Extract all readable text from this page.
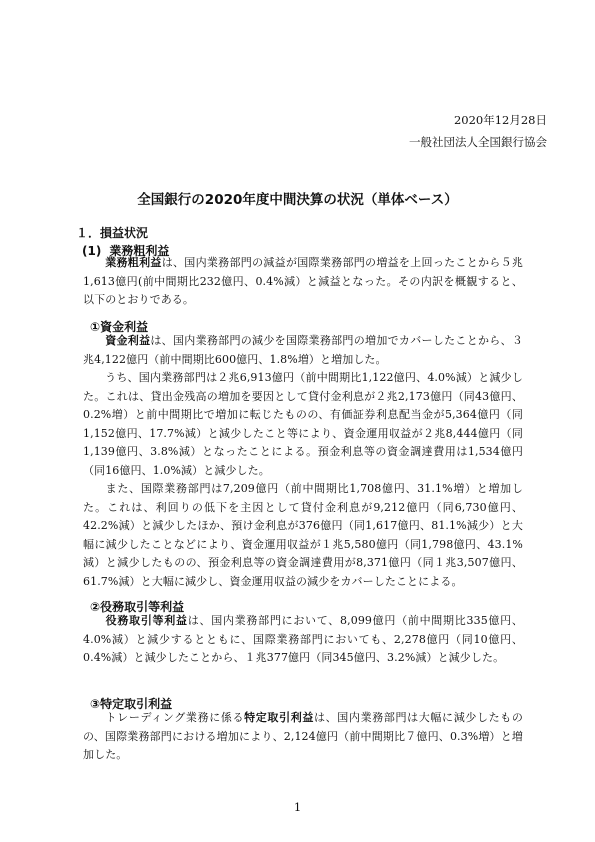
2020年12月28日
一般社団法人全国銀行協会
全国銀行の2020年度中間決算の状況（単体ベース）
１．損益状況
(1) 業務粗利益
業務粗利益は、国内業務部門の減益が国際業務部門の増益を上回ったことから５兆1,613億円(前中間期比232億円、0.4%減）と減益となった。その内訳を概観すると、以下のとおりである。
①資金利益
資金利益は、国内業務部門の減少を国際業務部門の増加でカバーしたことから、３兆4,122億円（前中間期比600億円、1.8%増）と増加した。
うち、国内業務部門は２兆6,913億円（前中間期比1,122億円、4.0%減）と減少した。これは、貸出金残高の増加を要因として貸付金利息が２兆2,173億円（同43億円、0.2%増）と前中間期比で増加に転じたものの、有価証券利息配当金が5,364億円（同1,152億円、17.7%減）と減少したこと等により、資金運用収益が２兆8,444億円（同1,139億円、3.8%減）となったことによる。預金利息等の資金調達費用は1,534億円（同16億円、1.0%減）と減少した。
また、国際業務部門は7,209億円（前中間期比1,708億円、31.1%増）と増加した。これは、利回りの低下を主因として貸付金利息が9,212億円（同6,730億円、42.2%減）と減少したほか、預け金利息が376億円（同1,617億円、81.1%減少）と大幅に減少したことなどにより、資金運用収益が１兆5,580億円（同1,798億円、43.1%減）と減少したものの、預金利息等の資金調達費用が8,371億円（同１兆3,507億円、61.7%減）と大幅に減少し、資金運用収益の減少をカバーしたことによる。
②役務取引等利益
役務取引等利益は、国内業務部門において、8,099億円（前中間期比335億円、4.0%減）と減少するとともに、国際業務部門においても、2,278億円（同10億円、0.4%減）と減少したことから、１兆377億円（同345億円、3.2%減）と減少した。
③特定取引利益
トレーディング業務に係る特定取引利益は、国内業務部門は大幅に減少したものの、国際業務部門における増加により、2,124億円（前中間期比７億円、0.3%増）と増加した。
1
